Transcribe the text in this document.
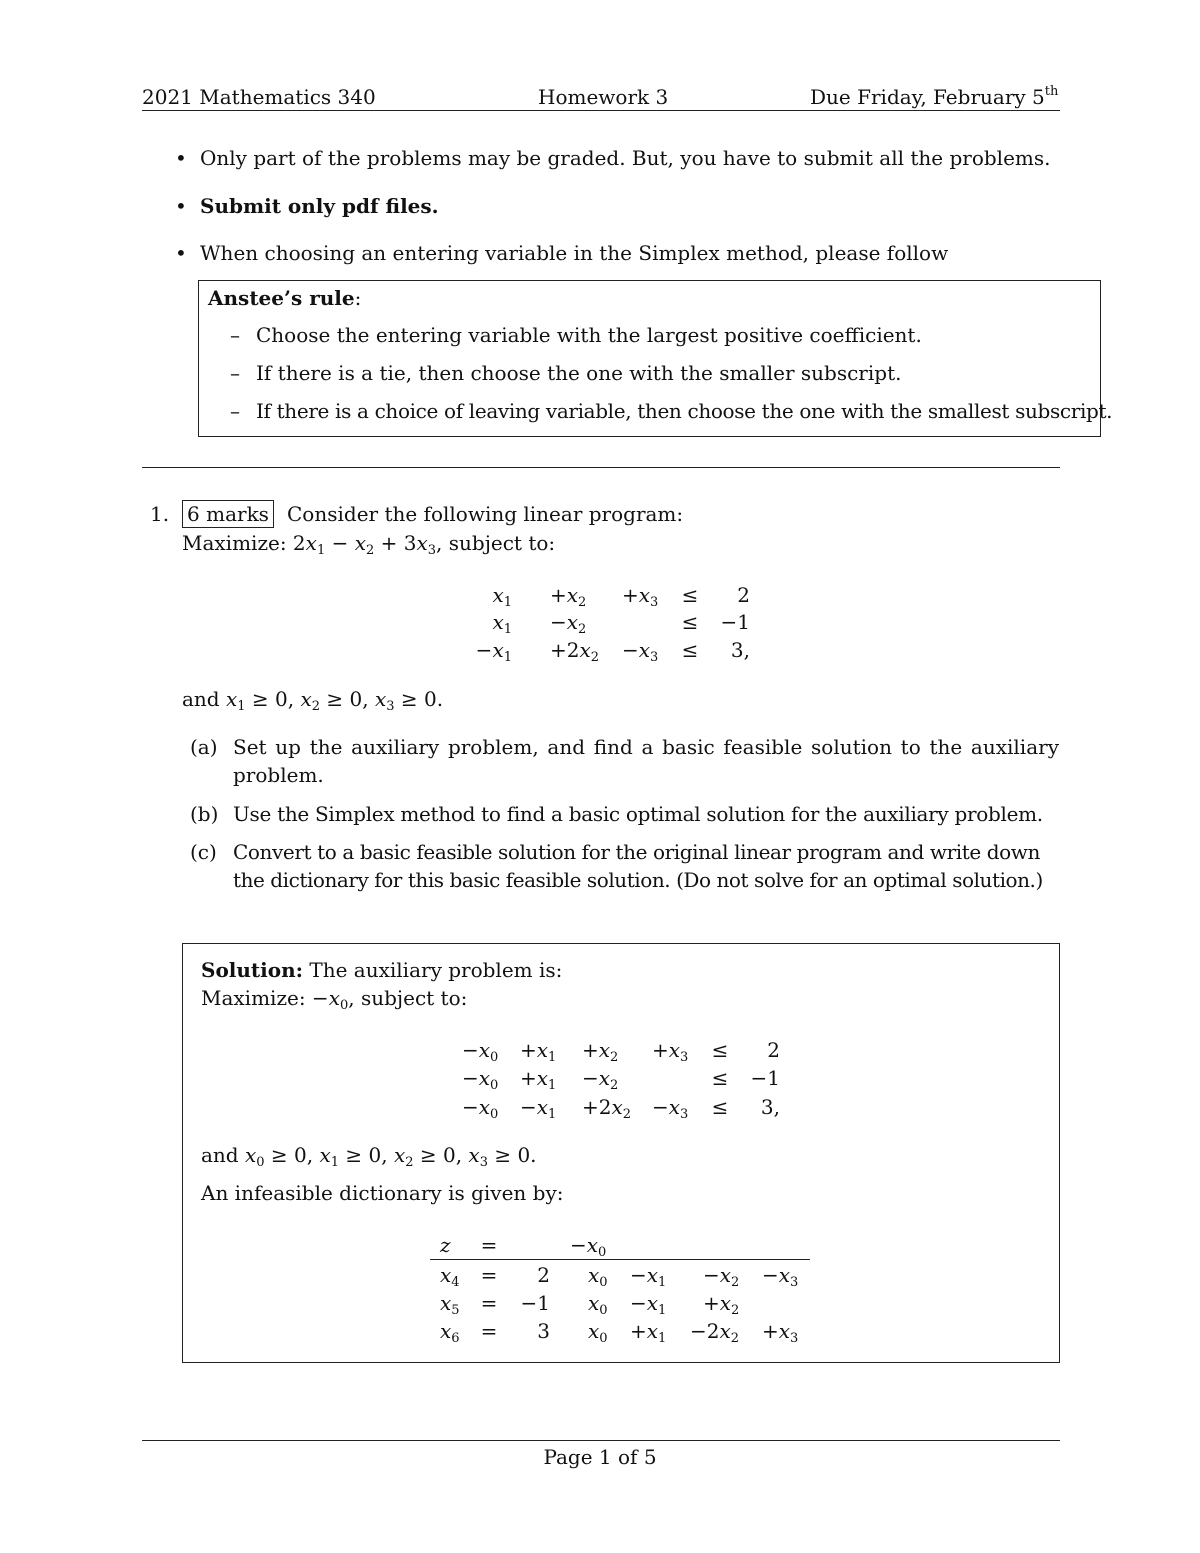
2021 Mathematics 340	Homework 3	Due Friday, February 5th
• Only part of the problems may be graded. But, you have to submit all the problems.
• Submit only pdf files.
• When choosing an entering variable in the Simplex method, please follow
Anstee’s rule:
– Choose the entering variable with the largest positive coefficient.
– If there is a tie, then choose the one with the smaller subscript.
– If there is a choice of leaving variable, then choose the one with the smallest subscript.
1. 6 marks Consider the following linear program:
Maximize: $2x_1 - x_2 + 3x_3$, subject to:
$x_1 +x_2 +x_3$ ≤	2
$x_1 -x_2$	≤	−1
$-x_1 +2x_2 -x_3$ ≤	3,
and $x_1 \ge 0$, $x_2 \ge 0$, $x_3 \ge 0$.
(a) Set up the auxiliary problem, and find a basic feasible solution to the auxiliary
problem.
(b) Use the Simplex method to find a basic optimal solution for the auxiliary problem.
(c) Convert to a basic feasible solution for the original linear program and write down
the dictionary for this basic feasible solution. (Do not solve for an optimal solution.)
Solution: The auxiliary problem is:
Maximize: $-x_0$, subject to:
$-x_0 +x_1 +x_2 +x_3$ ≤	2
$-x_0 +x_1 -x_2$	≤	−1
$-x_0 -x_1 +2x_2 -x_3$ ≤	3,
and $x_0 \ge 0$, $x_1 \ge 0$, $x_2 \ge 0$, $x_3 \ge 0$.
An infeasible dictionary is given by:
z =	$-x_0$
$x_4$ =	2 $x_0 -x_1 -x_2 -x_3$
$x_5$ =	−1 $x_0 -x_1 +x_2$
$x_6$ =	3 $x_0 +x_1 -2x_2 +x_3$
Page 1 of 5
